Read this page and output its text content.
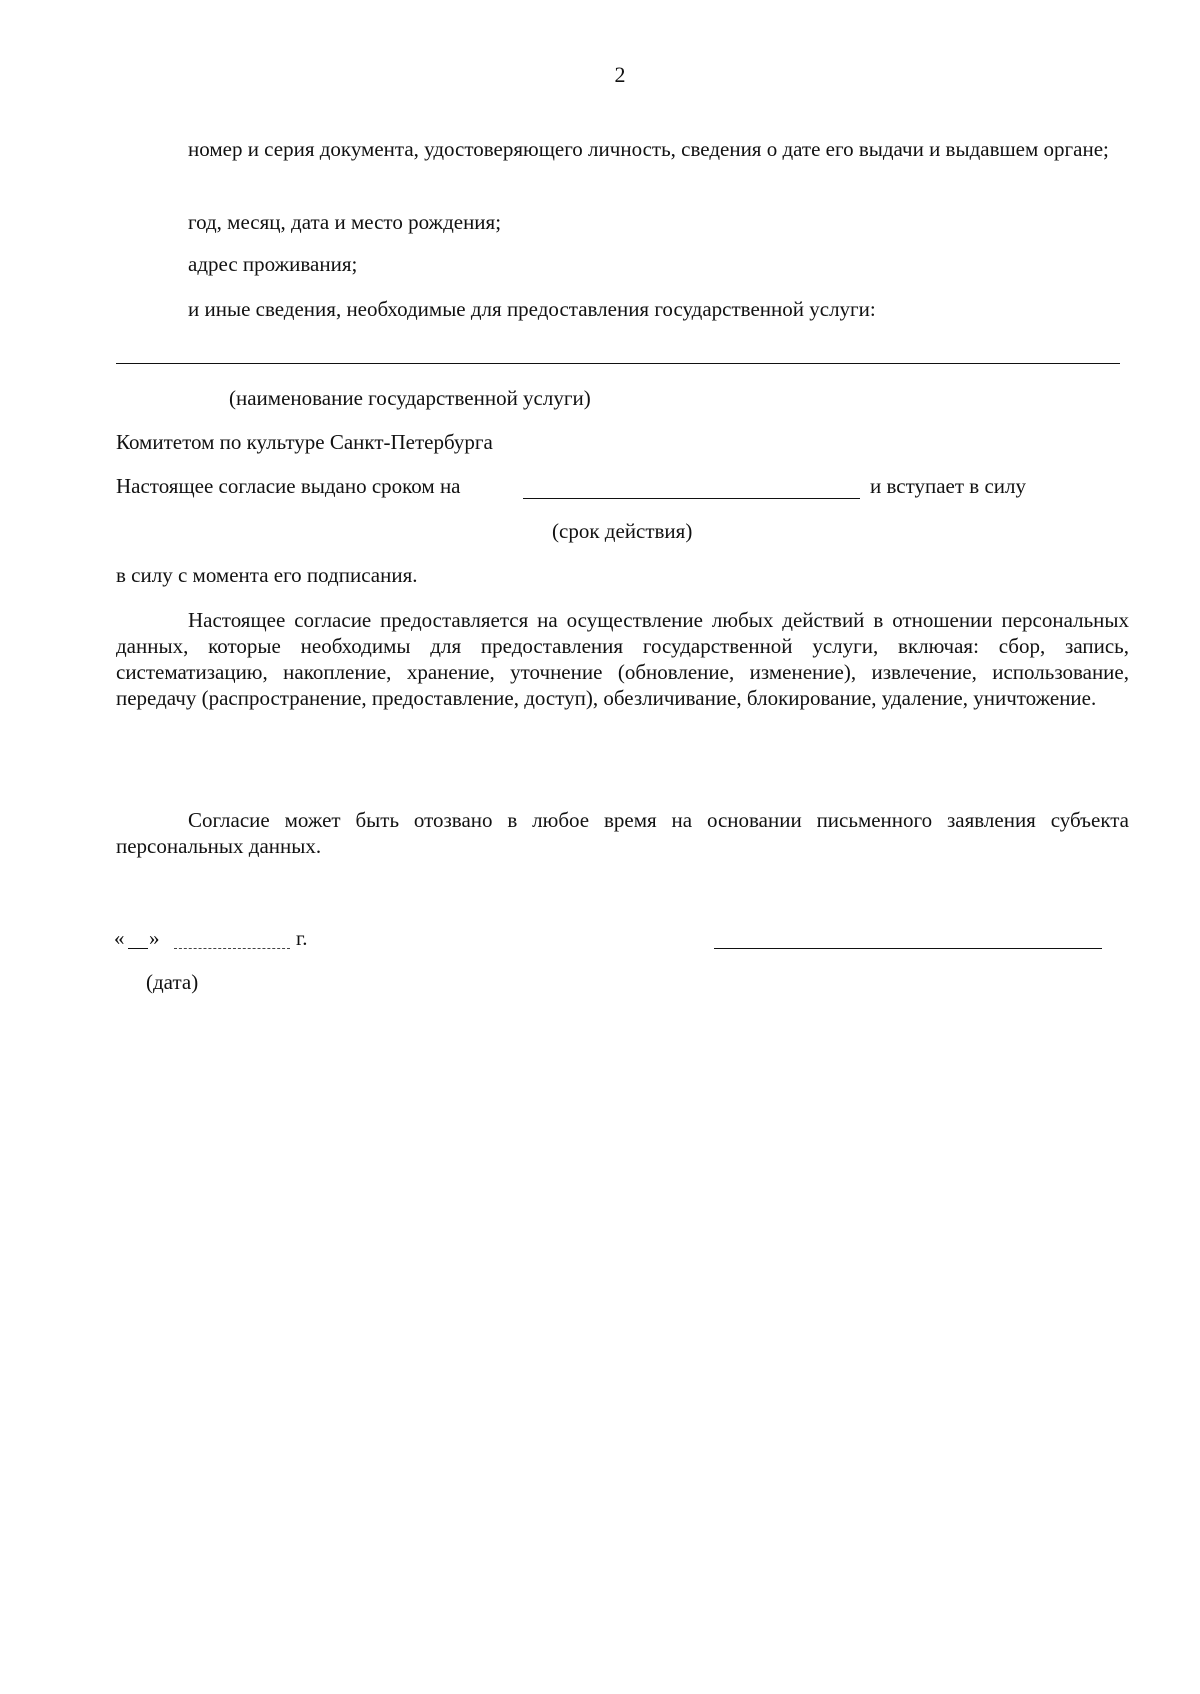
2
номер и серия документа, удостоверяющего личность, сведения о дате его выдачи и выдавшем органе;
год, месяц, дата и место рождения;
адрес проживания;
и иные сведения, необходимые для предоставления государственной услуги:
(наименование государственной услуги)
Комитетом по культуре Санкт-Петербурга
Настоящее согласие выдано сроком на	и вступает в силу
(срок действия)
в силу с момента его подписания.
Настоящее согласие предоставляется на осуществление любых действий в отношении персональных данных, которые необходимы для предоставления государственной услуги, включая: сбор, запись, систематизацию, накопление, хранение, уточнение (обновление, изменение), извлечение, использование, передачу (распространение, предоставление, доступ), обезличивание, блокирование, удаление, уничтожение.
Согласие может быть отозвано в любое время на основании письменного заявления субъекта персональных данных.
« »	г.
(дата)
